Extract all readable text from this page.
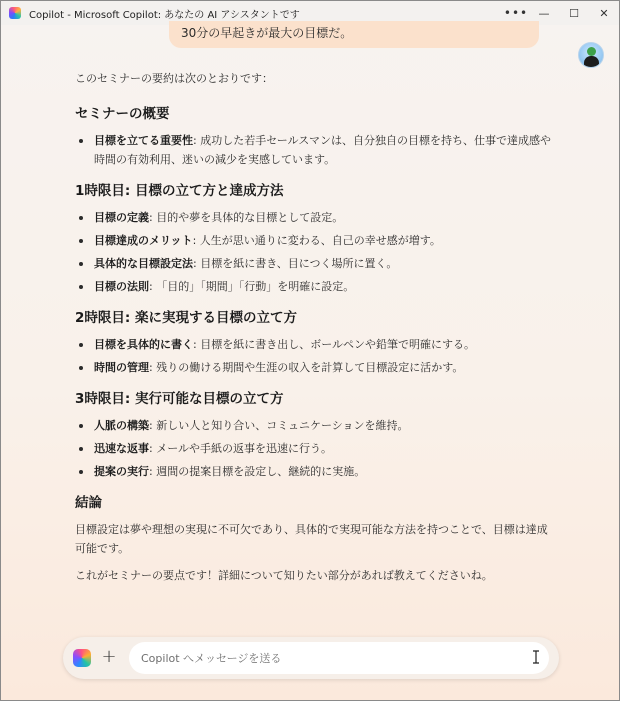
Copilot - Microsoft Copilot: あなたの AI アシスタントです	••• —	☐	✕
30分の早起きが最大の目標だ。
このセミナーの要約は次のとおりです：
セミナーの概要
目標を立てる重要性: 成功した若手セールスマンは、自分独自の目標を持ち、仕事で達成感や時間の有効利用、迷いの減少を実感しています。
1時限目: 目標の立て方と達成方法
目標の定義: 目的や夢を具体的な目標として設定。
目標達成のメリット: 人生が思い通りに変わる、自己の幸せ感が増す。
具体的な目標設定法: 目標を紙に書き、目につく場所に置く。
目標の法則: 「目的」「期間」「行動」を明確に設定。
2時限目: 楽に実現する目標の立て方
目標を具体的に書く: 目標を紙に書き出し、ボールペンや鉛筆で明確にする。
時間の管理: 残りの働ける期間や生涯の収入を計算して目標設定に活かす。
3時限目: 実行可能な目標の立て方
人脈の構築: 新しい人と知り合い、コミュニケーションを維持。
迅速な返事: メールや手紙の返事を迅速に行う。
提案の実行: 週間の提案目標を設定し、継続的に実施。
結論

目標設定は夢や理想の実現に不可欠であり、具体的で実現可能な方法を持つことで、目標は達成可能です。

これがセミナーの要点です！詳細について知りたい部分があれば教えてくださいね。

+
Copilot へメッセージを送る
